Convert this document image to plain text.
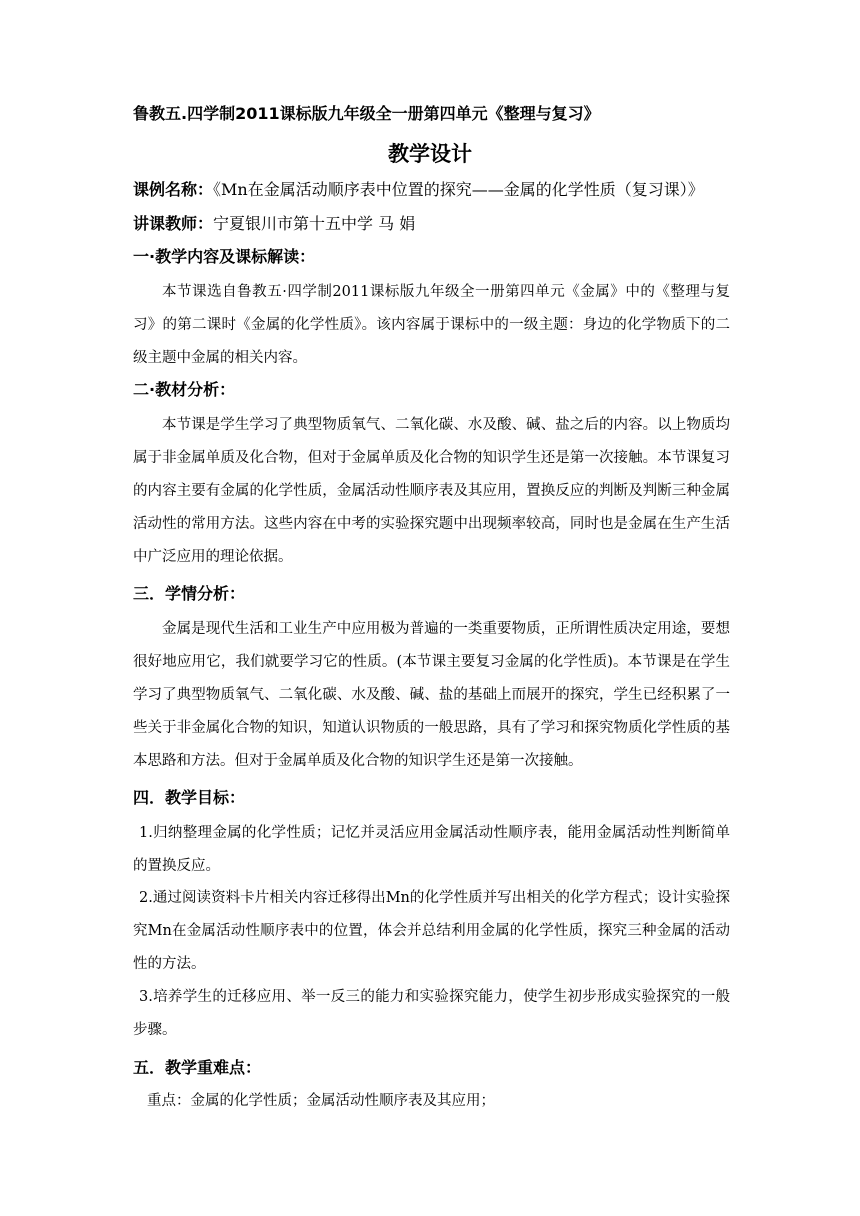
鲁教五.四学制2011课标版九年级全一册第四单元《整理与复习》
教学设计
课例名称：《Mn在金属活动顺序表中位置的探究——金属的化学性质（复习课）》
讲课教师：宁夏银川市第十五中学 马 娟
一·教学内容及课标解读：
本节课选自鲁教五·四学制2011课标版九年级全一册第四单元《金属》中的《整理与复习》的第二课时《金属的化学性质》。该内容属于课标中的一级主题：身边的化学物质下的二级主题中金属的相关内容。
二·教材分析：
本节课是学生学习了典型物质氧气、二氧化碳、水及酸、碱、盐之后的内容。以上物质均属于非金属单质及化合物，但对于金属单质及化合物的知识学生还是第一次接触。本节课复习的内容主要有金属的化学性质，金属活动性顺序表及其应用，置换反应的判断及判断三种金属活动性的常用方法。这些内容在中考的实验探究题中出现频率较高，同时也是金属在生产生活中广泛应用的理论依据。
三．学情分析：
金属是现代生活和工业生产中应用极为普遍的一类重要物质，正所谓性质决定用途，要想很好地应用它，我们就要学习它的性质。(本节课主要复习金属的化学性质)。本节课是在学生学习了典型物质氧气、二氧化碳、水及酸、碱、盐的基础上而展开的探究，学生已经积累了一些关于非金属化合物的知识，知道认识物质的一般思路，具有了学习和探究物质化学性质的基本思路和方法。但对于金属单质及化合物的知识学生还是第一次接触。
四．教学目标：
1.归纳整理金属的化学性质；记忆并灵活应用金属活动性顺序表，能用金属活动性判断简单的置换反应。
2.通过阅读资料卡片相关内容迁移得出Mn的化学性质并写出相关的化学方程式；设计实验探究Mn在金属活动性顺序表中的位置，体会并总结利用金属的化学性质，探究三种金属的活动性的方法。
3.培养学生的迁移应用、举一反三的能力和实验探究能力，使学生初步形成实验探究的一般步骤。
五．教学重难点：
重点：金属的化学性质；金属活动性顺序表及其应用；
